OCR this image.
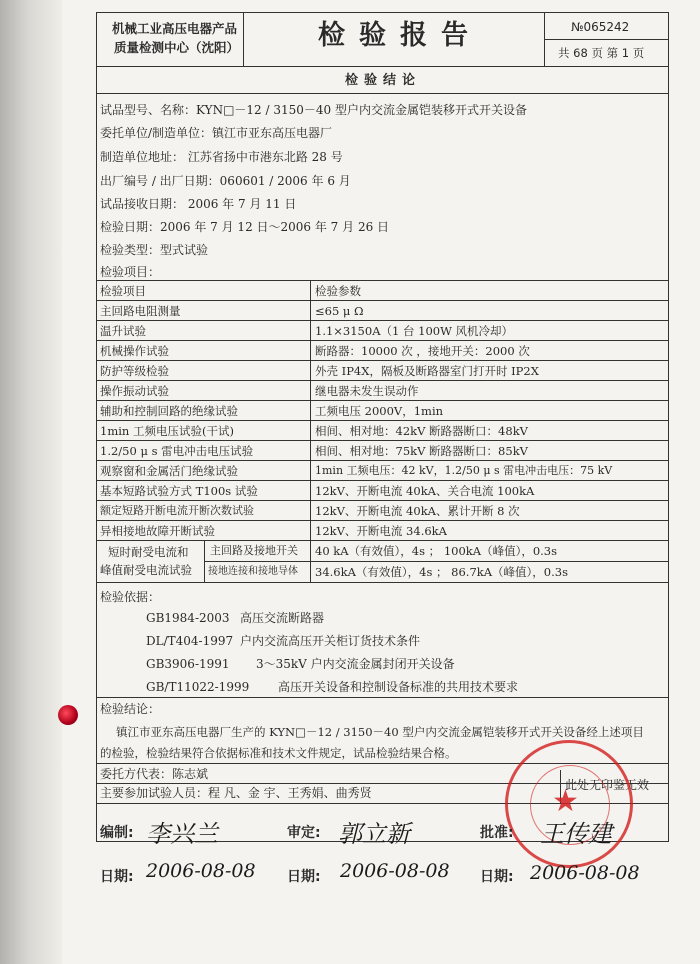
机械工业高压电器产品
质量检测中心（沈阳）	检验报告	№065242
共 68 页 第 1 页
检验结论
试品型号、名称：KYN□－12 / 3150－40 型户内交流金属铠装移开式开关设备
委托单位/制造单位：镇江市亚东高压电器厂
制造单位地址： 江苏省扬中市港东北路 28 号
出厂编号 / 出厂日期：060601 / 2006 年 6 月
试品接收日期： 2006 年 7 月 11 日
检验日期：2006 年 7 月 12 日～2006 年 7 月 26 日
检验类型：型式试验
检验项目：
检验项目	检验参数
主回路电阻测量	≤65 μ Ω
温升试验	1.1×3150A（1 台 100W 风机冷却）
机械操作试验	断路器：10000 次 ，接地开关：2000 次
防护等级检验	外壳 IP4X，隔板及断路器室门打开时 IP2X
操作振动试验	继电器未发生误动作
辅助和控制回路的绝缘试验	工频电压 2000V，1min
1min 工频电压试验(干试)	相间、相对地：42kV 断路器断口：48kV
1.2/50 μ s 雷电冲击电压试验	相间、相对地：75kV 断路器断口：85kV
观察窗和金属活门绝缘试验	1min 工频电压：42 kV，1.2/50 μ s 雷电冲击电压：75 kV
基本短路试验方式 T100s 试验	12kV、开断电流 40kA、关合电流 100kA
额定短路开断电流开断次数试验	12kV、开断电流 40kA、累计开断 8 次
异相接地故障开断试验	12kV、开断电流 34.6kA
短时耐受电流和
峰值耐受电流试验
主回路及接地开关 40 kA（有效值），4s ； 100kA（峰值），0.3s
接地连接和接地导体 34.6kA（有效值），4s ； 86.7kA（峰值），0.3s
检验依据：
GB1984-2003 高压交流断路器
DL/T404-1997 户内交流高压开关柜订货技术条件
GB3906-1991 3～35kV 户内交流金属封闭开关设备
GB/T11022-1999 高压开关设备和控制设备标准的共用技术要求
检验结论：
镇江市亚东高压电器厂生产的 KYN□－12 / 3150－40 型户内交流金属铠装移开式开关设备经上述项目
的检验，检验结果符合依据标准和技术文件规定，试品检验结果合格。
委托方代表：陈志斌
主要参加试验人员：程 凡、金 宇、王秀娟、曲秀贤
此处无印鉴无效
★
编制: 李兴兰	审定: 郭立新	批准: 王传建
日期: 2006-08-08 日期: 2006-08-08 日期: 2006-08-08
